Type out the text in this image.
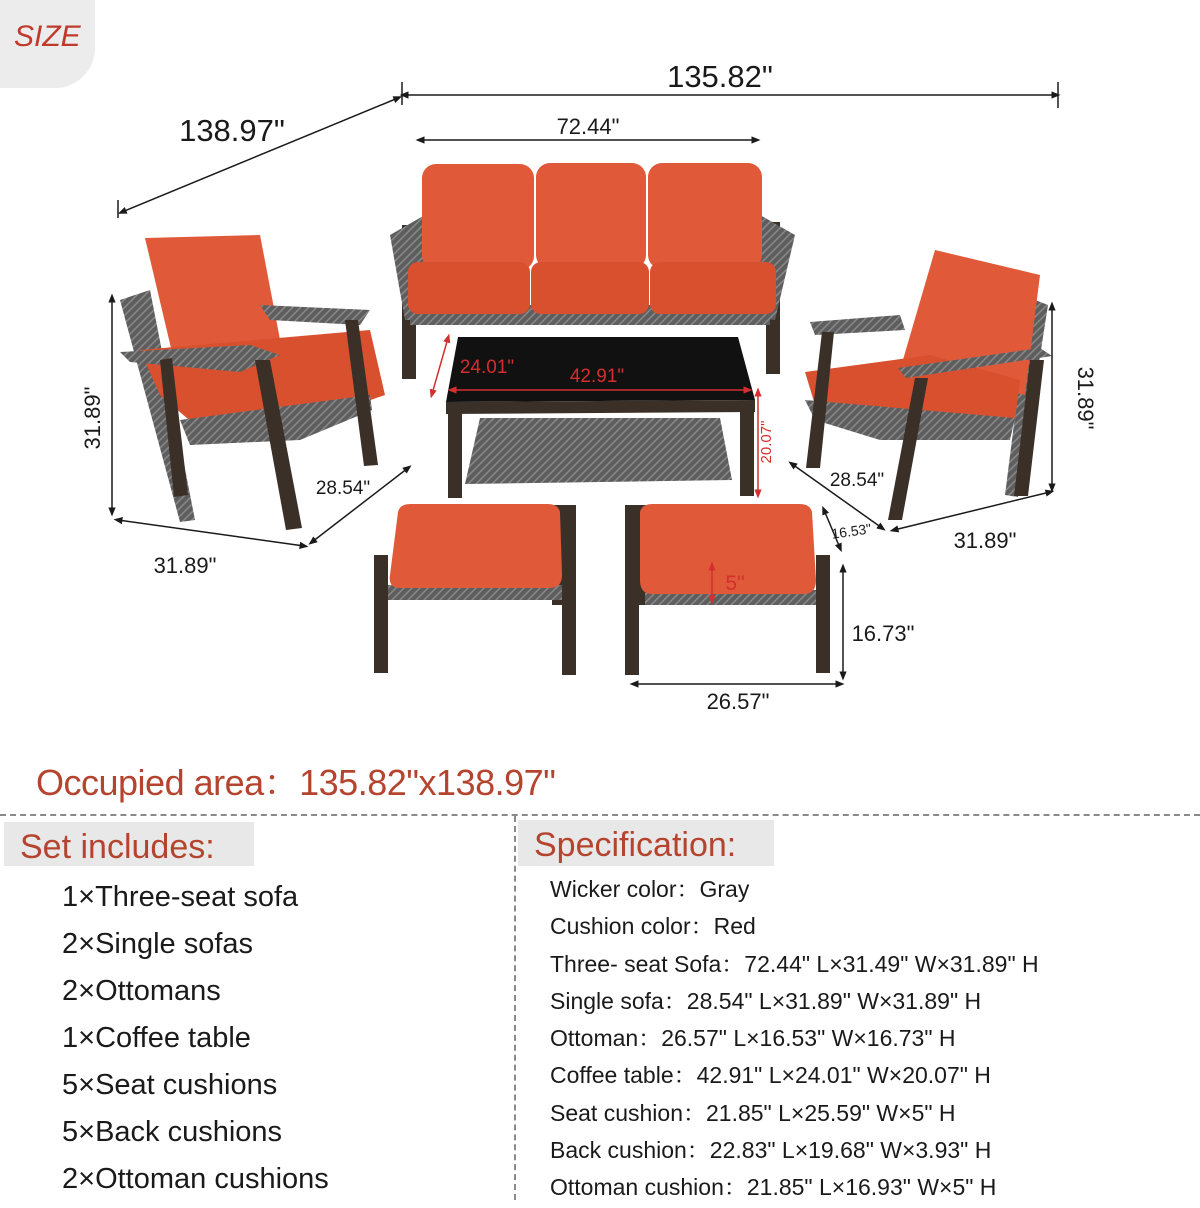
SIZE
135.82"
138.97"	72.44"
31.89"
28.54"
31.89"
31.89"
28.54"
31.89"
24.01"	42.91"
20.07"
5"
16.53"
16.73"
26.57"
Occupied area：135.82"x138.97"
Set includes:
1×Three-seat sofa
2×Single sofas
2×Ottomans
1×Coffee table
5×Seat cushions
5×Back cushions
2×Ottoman cushions
Specification:
Wicker color：Gray
Cushion color：Red
Three- seat Sofa：72.44" L×31.49" W×31.89" H
Single sofa：28.54" L×31.89" W×31.89" H
Ottoman：26.57" L×16.53" W×16.73" H
Coffee table：42.91" L×24.01" W×20.07" H
Seat cushion：21.85" L×25.59" W×5" H
Back cushion：22.83" L×19.68" W×3.93" H
Ottoman cushion：21.85" L×16.93" W×5" H
